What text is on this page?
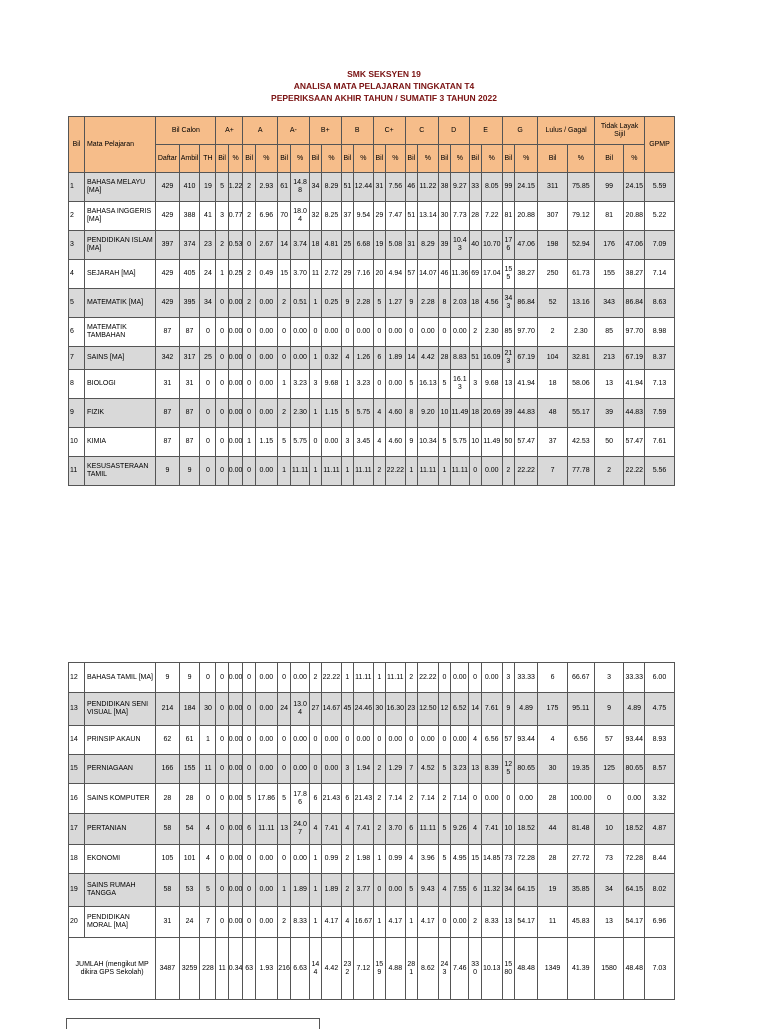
SMK SEKSYEN 19
ANALISA MATA PELAJARAN TINGKATAN T4
PEPERIKSAAN AKHIR TAHUN / SUMATIF 3 TAHUN 2022
Bil	Mata Pelajaran	Bil Calon			A+		A		A-		B+		B		C+		C		D		E		G		Lulus / Gagal		Tidak Layak Sijil		GPMP
		Daftar	Ambil	TH	Bil	%	Bil	%	Bil	%	Bil	%	Bil	%	Bil	%	Bil	%	Bil	%	Bil	%	Bil	%	Bil	%	Bil	%	
1	BAHASA MELAYU [MA]	429	410	19	5	1.22	2	2.93	61	14.88	34	8.29	51	12.44	31	7.56	46	11.22	38	9.27	33	8.05	99	24.15	311	75.85	99	24.15	5.59
2	BAHASA INGGERIS [MA]	429	388	41	3	0.77	2	6.96	70	18.04	32	8.25	37	9.54	29	7.47	51	13.14	30	7.73	28	7.22	81	20.88	307	79.12	81	20.88	5.22
3	PENDIDIKAN ISLAM [MA]	397	374	23	2	0.53	0	2.67	14	3.74	18	4.81	25	6.68	19	5.08	31	8.29	39	10.43	40	10.70	176	47.06	198	52.94	176	47.06	7.09
4	SEJARAH [MA]	429	405	24	1	0.25	2	0.49	15	3.70	11	2.72	29	7.16	20	4.94	57	14.07	46	11.36	69	17.04	155	38.27	250	61.73	155	38.27	7.14
5	MATEMATIK [MA]	429	395	34	0	0.00	2	0.00	2	0.51	1	0.25	9	2.28	5	1.27	9	2.28	8	2.03	18	4.56	343	86.84	52	13.16	343	86.84	8.63
6	MATEMATIK TAMBAHAN	87	87	0	0	0.00	0	0.00	0	0.00	0	0.00	0	0.00	0	0.00	0	0.00	0	0.00	2	2.30	85	97.70	2	2.30	85	97.70	8.98
7	SAINS [MA]	342	317	25	0	0.00	0	0.00	0	0.00	1	0.32	4	1.26	6	1.89	14	4.42	28	8.83	51	16.09	213	67.19	104	32.81	213	67.19	8.37
8	BIOLOGI	31	31	0	0	0.00	0	0.00	1	3.23	3	9.68	1	3.23	0	0.00	5	16.13	5	16.13	3	9.68	13	41.94	18	58.06	13	41.94	7.13
9	FIZIK	87	87	0	0	0.00	0	0.00	2	2.30	1	1.15	5	5.75	4	4.60	8	9.20	10	11.49	18	20.69	39	44.83	48	55.17	39	44.83	7.59
10	KIMIA	87	87	0	0	0.00	1	1.15	5	5.75	0	0.00	3	3.45	4	4.60	9	10.34	5	5.75	10	11.49	50	57.47	37	42.53	50	57.47	7.61
11	KESUSASTERAAN TAMIL	9	9	0	0	0.00	0	0.00	1	11.11	1	11.11	1	11.11	2	22.22	1	11.11	1	11.11	0	0.00	2	22.22	7	77.78	2	22.22	5.56
12	BAHASA TAMIL [MA]	9	9	0	0	0.00	0	0.00	0	0.00	2	22.22	1	11.11	1	11.11	2	22.22	0	0.00	0	0.00	3	33.33	6	66.67	3	33.33	6.00
13	PENDIDIKAN SENI VISUAL [MA]	214	184	30	0	0.00	0	0.00	24	13.04	27	14.67	45	24.46	30	16.30	23	12.50	12	6.52	14	7.61	9	4.89	175	95.11	9	4.89	4.75
14	PRINSIP AKAUN	62	61	1	0	0.00	0	0.00	0	0.00	0	0.00	0	0.00	0	0.00	0	0.00	0	0.00	4	6.56	57	93.44	4	6.56	57	93.44	8.93
15	PERNIAGAAN	166	155	11	0	0.00	0	0.00	0	0.00	0	0.00	3	1.94	2	1.29	7	4.52	5	3.23	13	8.39	125	80.65	30	19.35	125	80.65	8.57
16	SAINS KOMPUTER	28	28	0	0	0.00	5	17.86	5	17.86	6	21.43	6	21.43	2	7.14	2	7.14	2	7.14	0	0.00	0	0.00	28	100.00	0	0.00	3.32
17	PERTANIAN	58	54	4	0	0.00	6	11.11	13	24.07	4	7.41	4	7.41	2	3.70	6	11.11	5	9.26	4	7.41	10	18.52	44	81.48	10	18.52	4.87
18	EKONOMI	105	101	4	0	0.00	0	0.00	0	0.00	1	0.99	2	1.98	1	0.99	4	3.96	5	4.95	15	14.85	73	72.28	28	27.72	73	72.28	8.44
19	SAINS RUMAH TANGGA	58	53	5	0	0.00	0	0.00	1	1.89	1	1.89	2	3.77	0	0.00	5	9.43	4	7.55	6	11.32	34	64.15	19	35.85	34	64.15	8.02
20	PENDIDIKAN MORAL [MA]	31	24	7	0	0.00	0	0.00	2	8.33	1	4.17	4	16.67	1	4.17	1	4.17	0	0.00	2	8.33	13	54.17	11	45.83	13	54.17	6.96
JUMLAH (mengikut MP dikira GPS Sekolah)		3487	3259	228	11	0.34	63	1.93	216	6.63	144	4.42	232	7.12	159	4.88	281	8.62	243	7.46	330	10.13	1580	48.48	1349	41.39	1580	48.48	7.03
